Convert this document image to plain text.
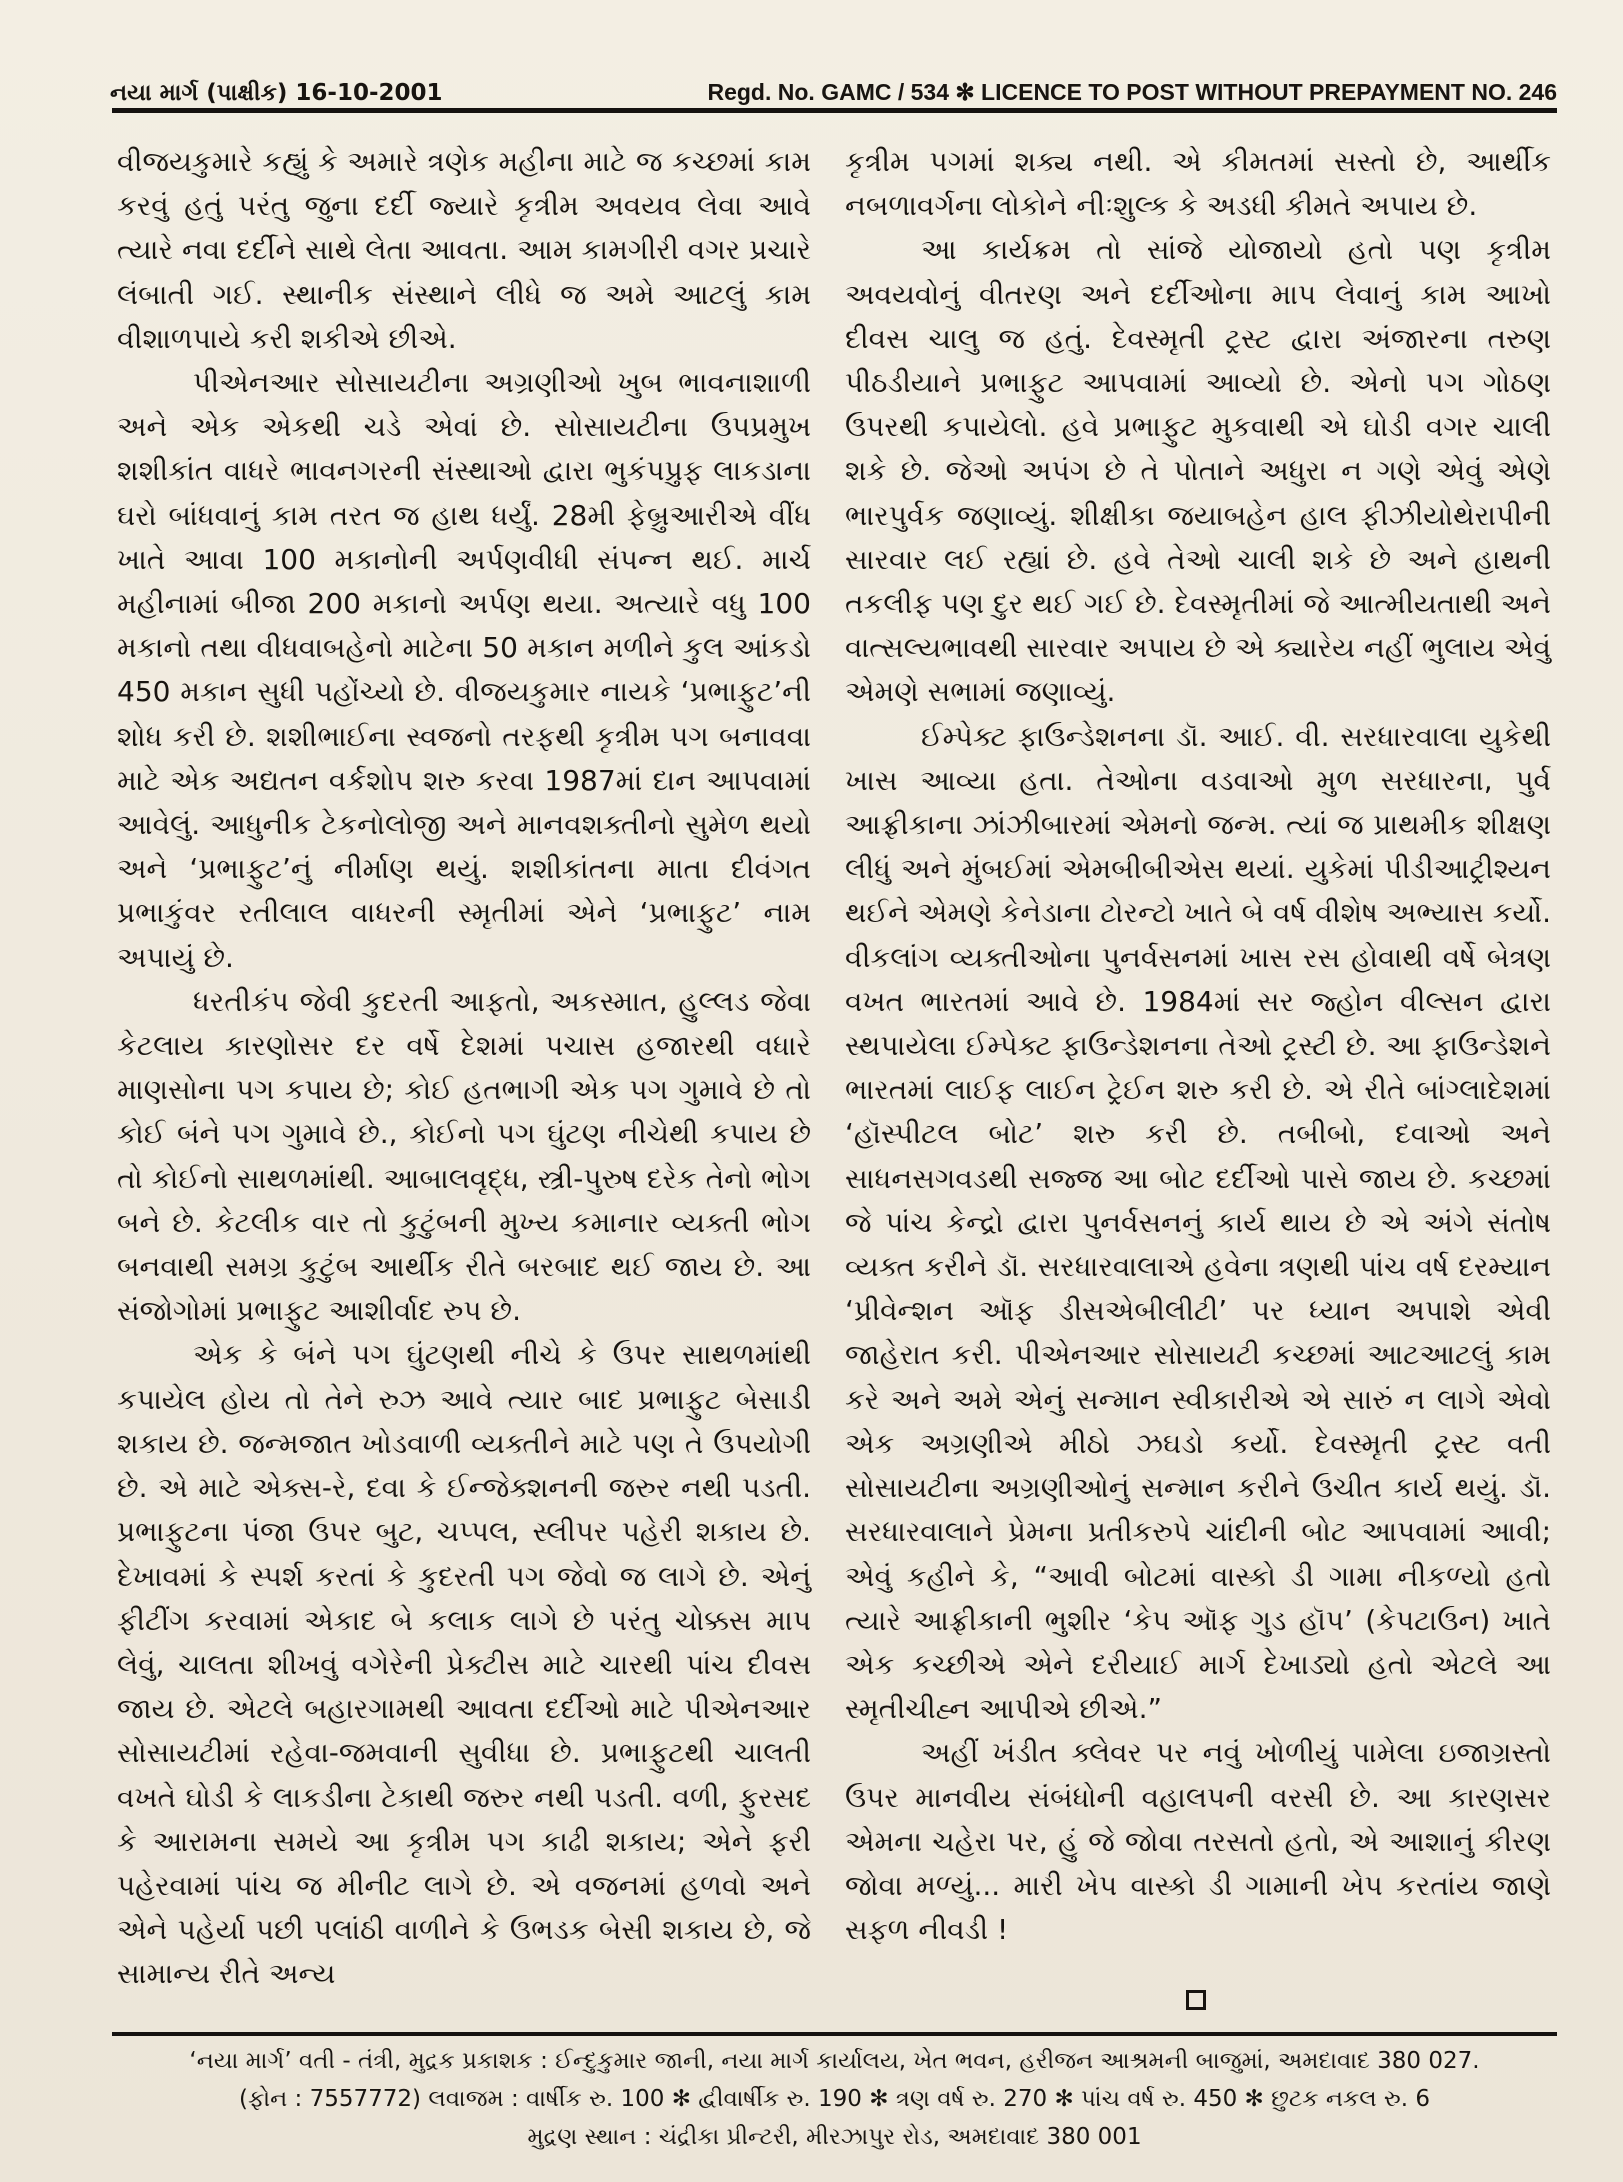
નયા માર્ગ (પાક્ષીક) 16-10-2001	Regd. No. GAMC / 534 ✻ LICENCE TO POST WITHOUT PREPAYMENT NO. 246

વીજયકુમારે કહ્યું કે અમારે ત્રણેક મહીના માટે જ કચ્છમાં કામ કરવું હતું પરંતુ જુના દર્દી જ્યારે કૃત્રીમ અવયવ લેવા આવે ત્યારે નવા દર્દીને સાથે લેતા આવતા. આમ કામગીરી વગર પ્રચારે લંબાતી ગઈ. સ્થાનીક સંસ્થાને લીધે જ અમે આટલું કામ વીશાળપાયે કરી શકીએ છીએ.

પીએનઆર સોસાયટીના અગ્રણીઓ ખુબ ભાવનાશાળી અને એક એકથી ચડે એવાં છે. સોસાયટીના ઉપપ્રમુખ શશીકાંત વાધરે ભાવનગરની સંસ્થાઓ દ્વારા ભુકંપપ્રુફ લાકડાના ઘરો બાંધવાનું કામ તરત જ હાથ ધર્યું. 28મી ફેબ્રુઆરીએ વીંધ ખાતે આવા 100 મકાનોની અર્પણવીધી સંપન્ન થઈ. માર્ચ મહીનામાં બીજા 200 મકાનો અર્પણ થયા. અત્યારે વધુ 100 મકાનો તથા વીધવાબહેનો માટેના 50 મકાન મળીને કુલ આંકડો 450 મકાન સુધી પહોંચ્યો છે. વીજયકુમાર નાયકે ‘પ્રભાફુટ’ની શોધ કરી છે. શશીભાઈના સ્વજનો તરફથી કૃત્રીમ પગ બનાવવા માટે એક અદ્યતન વર્કશોપ શરુ કરવા 1987માં દાન આપવામાં આવેલું. આધુનીક ટેકનોલોજી અને માનવશક્તીનો સુમેળ થયો અને ‘પ્રભાફુટ’નું નીર્માણ થયું. શશીકાંતના માતા દીવંગત પ્રભાકુંવર રતીલાલ વાધરની સ્મૃતીમાં એને ‘પ્રભાફુટ’ નામ અપાયું છે.

ધરતીકંપ જેવી કુદરતી આફતો, અકસ્માત, હુલ્લડ જેવા કેટલાય કારણોસર દર વર્ષે દેશમાં પચાસ હજારથી વધારે માણસોના પગ કપાય છે; કોઈ હતભાગી એક પગ ગુમાવે છે તો કોઈ બંને પગ ગુમાવે છે., કોઈનો પગ ઘુંટણ નીચેથી કપાય છે તો કોઈનો સાથળમાંથી. આબાલવૃદ્ધ, સ્ત્રી-પુરુષ દરેક તેનો ભોગ બને છે. કેટલીક વાર તો કુટુંબની મુખ્ય કમાનાર વ્યક્તી ભોગ બનવાથી સમગ્ર કુટુંબ આર્થીક રીતે બરબાદ થઈ જાય છે. આ સંજોગોમાં પ્રભાફુટ આશીર્વાદ રુપ છે.

એક કે બંને પગ ઘુંટણથી નીચે કે ઉપર સાથળમાંથી કપાયેલ હોય તો તેને રુઝ આવે ત્યાર બાદ પ્રભાફુટ બેસાડી શકાય છે. જન્મજાત ખોડવાળી વ્યક્તીને માટે પણ તે ઉપયોગી છે. એ માટે એક્સ-રે, દવા કે ઈન્જેક્શનની જરુર નથી પડતી. પ્રભાફુટના પંજા ઉપર બુટ, ચપ્પલ, સ્લીપર પહેરી શકાય છે. દેખાવમાં કે સ્પર્શ કરતાં કે કુદરતી પગ જેવો જ લાગે છે. એનું ફીટીંગ કરવામાં એકાદ બે કલાક લાગે છે પરંતુ ચોક્કસ માપ લેવું, ચાલતા શીખવું વગેરેની પ્રેક્ટીસ માટે ચારથી પાંચ દીવસ જાય છે. એટલે બહારગામથી આવતા દર્દીઓ માટે પીએનઆર સોસાયટીમાં રહેવા-જમવાની સુવીધા છે. પ્રભાફુટથી ચાલતી વખતે ઘોડી કે લાકડીના ટેકાથી જરુર નથી પડતી. વળી, ફુરસદ કે આરામના સમયે આ કૃત્રીમ પગ કાઢી શકાય; એને ફરી પહેરવામાં પાંચ જ મીનીટ લાગે છે. એ વજનમાં હળવો અને એને પહેર્યા પછી પલાંઠી વાળીને કે ઉભડક બેસી શકાય છે, જે સામાન્ય રીતે અન્ય

કૃત્રીમ પગમાં શક્ય નથી. એ કીમતમાં સસ્તો છે, આર્થીક નબળાવર્ગના લોકોને નીઃશુલ્ક કે અડધી કીમતે અપાય છે.

આ કાર્યક્રમ તો સાંજે યોજાયો હતો પણ કૃત્રીમ અવયવોનું વીતરણ અને દર્દીઓના માપ લેવાનું કામ આખો દીવસ ચાલુ જ હતું. દેવસ્મૃતી ટ્રસ્ટ દ્વારા અંજારના તરુણ પીઠડીયાને પ્રભાફુટ આપવામાં આવ્યો છે. એનો પગ ગોઠણ ઉપરથી કપાયેલો. હવે પ્રભાફુટ મુકવાથી એ ઘોડી વગર ચાલી શકે છે. જેઓ અપંગ છે તે પોતાને અધુરા ન ગણે એવું એણે ભારપુર્વક જણાવ્યું. શીક્ષીકા જયાબહેન હાલ ફીઝીયોથેરાપીની સારવાર લઈ રહ્યાં છે. હવે તેઓ ચાલી શકે છે અને હાથની તકલીફ પણ દુર થઈ ગઈ છે. દેવસ્મૃતીમાં જે આત્મીયતાથી અને વાત્સલ્યભાવથી સારવાર અપાય છે એ ક્યારેય નહીં ભુલાય એવું એમણે સભામાં જણાવ્યું.

ઈમ્પેક્ટ ફાઉન્ડેશનના ડૉ. આઈ. વી. સરધારવાલા યુકેથી ખાસ આવ્યા હતા. તેઓના વડવાઓ મુળ સરધારના, પુર્વ આફ્રીકાના ઝાંઝીબારમાં એમનો જન્મ. ત્યાં જ પ્રાથમીક શીક્ષણ લીધું અને મુંબઈમાં એમબીબીએસ થયાં. યુકેમાં પીડીઆટ્રીશ્યન થઈને એમણે કેનેડાના ટોરન્ટો ખાતે બે વર્ષ વીશેષ અભ્યાસ કર્યો. વીકલાંગ વ્યક્તીઓના પુનર્વસનમાં ખાસ રસ હોવાથી વર્ષે બેત્રણ વખત ભારતમાં આવે છે. 1984માં સર જ્હોન વીલ્સન દ્વારા સ્થપાયેલા ઈમ્પેક્ટ ફાઉન્ડેશનના તેઓ ટ્રસ્ટી છે. આ ફાઉન્ડેશને ભારતમાં લાઈફ લાઈન ટ્રેઈન શરુ કરી છે. એ રીતે બાંગ્લાદેશમાં ‘હૉસ્પીટલ બોટ’ શરુ કરી છે. તબીબો, દવાઓ અને સાધનસગવડથી સજ્જ આ બોટ દર્દીઓ પાસે જાય છે. કચ્છમાં જે પાંચ કેન્દ્રો દ્વારા પુનર્વસનનું કાર્ય થાય છે એ અંગે સંતોષ વ્યક્ત કરીને ડૉ. સરધારવાલાએ હવેના ત્રણથી પાંચ વર્ષ દરમ્યાન ‘પ્રીવેન્શન ઑફ ડીસએબીલીટી’ પર ધ્યાન અપાશે એવી જાહેરાત કરી. પીએનઆર સોસાયટી કચ્છમાં આટઆટલું કામ કરે અને અમે એનું સન્માન સ્વીકારીએ એ સારું ન લાગે એવો એક અગ્રણીએ મીઠો ઝઘડો કર્યો. દેવસ્મૃતી ટ્રસ્ટ વતી સોસાયટીના અગ્રણીઓનું સન્માન કરીને ઉચીત કાર્ય થયું. ડૉ. સરધારવાલાને પ્રેમના પ્રતીકરુપે ચાંદીની બોટ આપવામાં આવી; એવું કહીને કે, “આવી બોટમાં વાસ્કો ડી ગામા નીકળ્યો હતો ત્યારે આફ્રીકાની ભુશીર ‘કેપ ઑફ ગુડ હૉપ’ (કેપટાઉન) ખાતે એક કચ્છીએ એને દરીયાઈ માર્ગ દેખાડ્યો હતો એટલે આ સ્મૃતીચીહ્ન આપીએ છીએ.”

અહીં ખંડીત ક્લેવર પર નવું ખોળીયું પામેલા ઇજાગ્રસ્તો ઉપર માનવીય સંબંધોની વહાલપની વરસી છે. આ કારણસર એમના ચહેરા પર, હું જે જોવા તરસતો હતો, એ આશાનું કીરણ જોવા મળ્યું... મારી ખેપ વાસ્કો ડી ગામાની ખેપ કરતાંય જાણે સફળ નીવડી !

‘નયા માર્ગ’ વતી - તંત્રી, મુદ્રક પ્રકાશક : ઈન્દુકુમાર જાની, નયા માર્ગ કાર્યાલય, ખેત ભવન, હરીજન આશ્રમની બાજુમાં, અમદાવાદ 380 027.
(ફોન : 7557772) લવાજમ : વાર્ષીક રુ. 100 ✻ દ્વીવાર્ષીક રુ. 190 ✻ ત્રણ વર્ષ રુ. 270 ✻ પાંચ વર્ષ રુ. 450 ✻ છુટક નકલ રુ. 6
મુદ્રણ સ્થાન : ચંદ્રીકા પ્રીન્ટરી, મીરઝાપુર રોડ, અમદાવાદ 380 001
